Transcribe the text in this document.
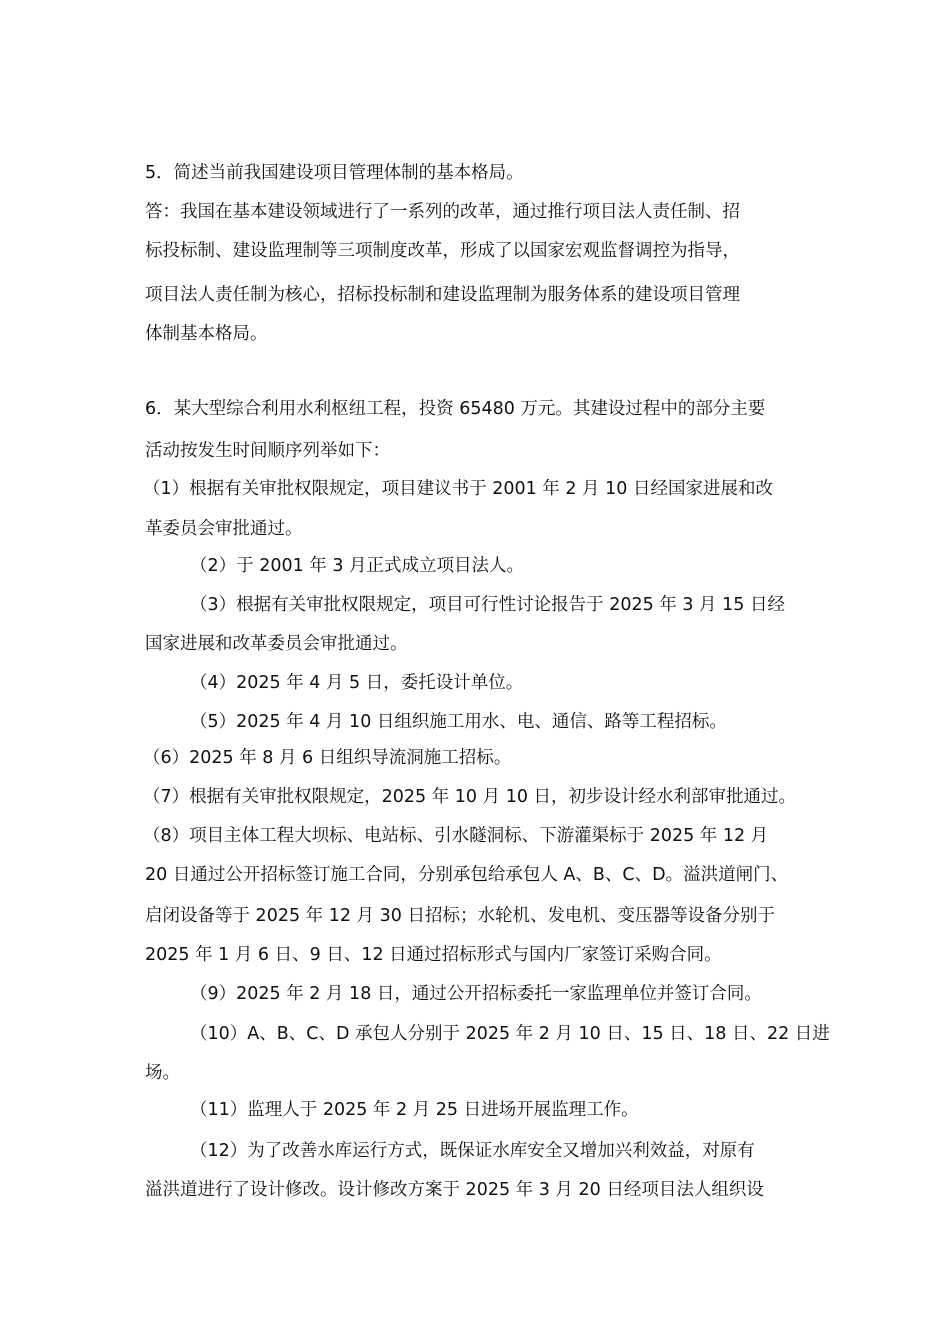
5．简述当前我国建设项目管理体制的基本格局。
答：我国在基本建设领域进行了一系列的改革，通过推行项目法人责任制、招
标投标制、建设监理制等三项制度改革，形成了以国家宏观监督调控为指导，
项目法人责任制为核心，招标投标制和建设监理制为服务体系的建设项目管理
体制基本格局。
6．某大型综合利用水利枢纽工程，投资 65480 万元。其建设过程中的部分主要
活动按发生时间顺序列举如下：
（1）根据有关审批权限规定，项目建议书于 2001 年 2 月 10 日经国家进展和改
革委员会审批通过。
（2）于 2001 年 3 月正式成立项目法人。
（3）根据有关审批权限规定，项目可行性讨论报告于 2025 年 3 月 15 日经
国家进展和改革委员会审批通过。
（4）2025 年 4 月 5 日，委托设计单位。
（5）2025 年 4 月 10 日组织施工用水、电、通信、路等工程招标。
（6）2025 年 8 月 6 日组织导流洞施工招标。
（7）根据有关审批权限规定，2025 年 10 月 10 日，初步设计经水利部审批通过。
（8）项目主体工程大坝标、电站标、引水隧洞标、下游灌渠标于 2025 年 12 月
20 日通过公开招标签订施工合同，分别承包给承包人 A、B、C、D。溢洪道闸门、
启闭设备等于 2025 年 12 月 30 日招标；水轮机、发电机、变压器等设备分别于
2025 年 1 月 6 日、9 日、12 日通过招标形式与国内厂家签订采购合同。
（9）2025 年 2 月 18 日，通过公开招标委托一家监理单位并签订合同。
（10）A、B、C、D 承包人分别于 2025 年 2 月 10 日、15 日、18 日、22 日进
场。
（11）监理人于 2025 年 2 月 25 日进场开展监理工作。
（12）为了改善水库运行方式，既保证水库安全又增加兴利效益，对原有
溢洪道进行了设计修改。设计修改方案于 2025 年 3 月 20 日经项目法人组织设
